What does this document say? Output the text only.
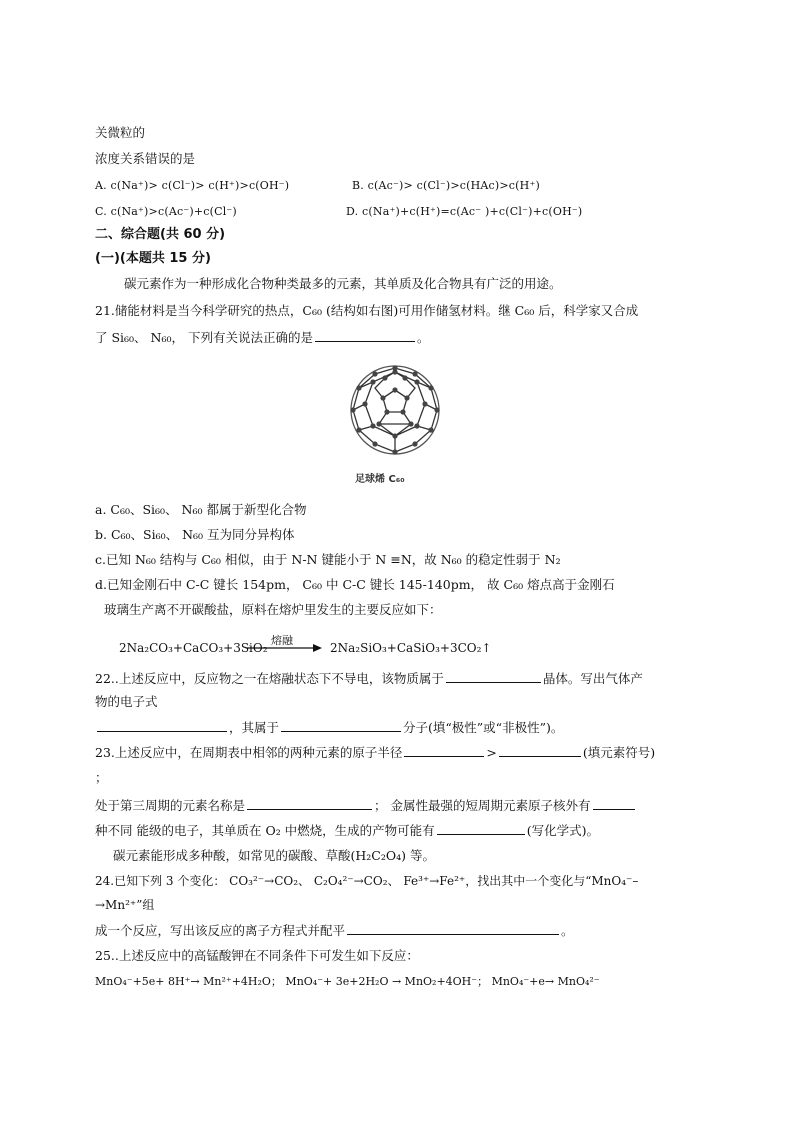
关微粒的
浓度关系错误的是
A. c(Na⁺)> c(Cl⁻)> c(H⁺)>c(OH⁻)	B. c(Ac⁻)> c(Cl⁻)>c(HAc)>c(H⁺)
C. c(Na⁺)>c(Ac⁻)+c(Cl⁻)	D. c(Na⁺)+c(H⁺)=c(Ac⁻ )+c(Cl⁻)+c(OH⁻)
二、综合题(共 60 分)
(一)(本题共 15 分)
碳元素作为一种形成化合物种类最多的元素，其单质及化合物具有广泛的用途。
21.储能材料是当今科学研究的热点，C₆₀ (结构如右图)可用作储氢材料。继 C₆₀ 后，科学家又合成
了 Si₆₀、 N₆₀， 下列有关说法正确的是	。
足球烯 C₆₀
a. C₆₀、Si₆₀、 N₆₀ 都属于新型化合物
b. C₆₀、Si₆₀、 N₆₀ 互为同分异构体
c.已知 N₆₀ 结构与 C₆₀ 相似，由于 N-N 键能小于 N ≡N，故 N₆₀ 的稳定性弱于 N₂
d.已知金刚石中 C-C 键长 154pm， C₆₀ 中 C-C 键长 145-140pm， 故 C₆₀ 熔点高于金刚石
玻璃生产离不开碳酸盐，原料在熔炉里发生的主要反应如下：
2Na₂CO₃+CaCO₃+3SiO₂
熔融
2Na₂SiO₃+CaSiO₃+3CO₂↑
22..上述反应中，反应物之一在熔融状态下不导电，该物质属于	晶体。写出气体产
物的电子式
，其属于	分子(填“极性”或“非极性”)。
23.上述反应中，在周期表中相邻的两种元素的原子半径	>	(填元素符号)
；
处于第三周期的元素名称是	； 金属性最强的短周期元素原子核外有
种不同 能级的电子，其单质在 O₂ 中燃烧，生成的产物可能有	(写化学式)。
碳元素能形成多种酸，如常见的碳酸、草酸(H₂C₂O₄) 等。
24.已知下列 3 个变化： CO₃²⁻→CO₂、 C₂O₄²⁻→CO₂、 Fe³⁺→Fe²⁺，找出其中一个变化与“MnO₄⁻–
→Mn²⁺”组
成一个反应，写出该反应的离子方程式并配平	。
25..上述反应中的高锰酸钾在不同条件下可发生如下反应：
MnO₄⁻+5e+ 8H⁺→ Mn²⁺+4H₂O； MnO₄⁻+ 3e+2H₂O → MnO₂+4OH⁻； MnO₄⁻+e→ MnO₄²⁻
